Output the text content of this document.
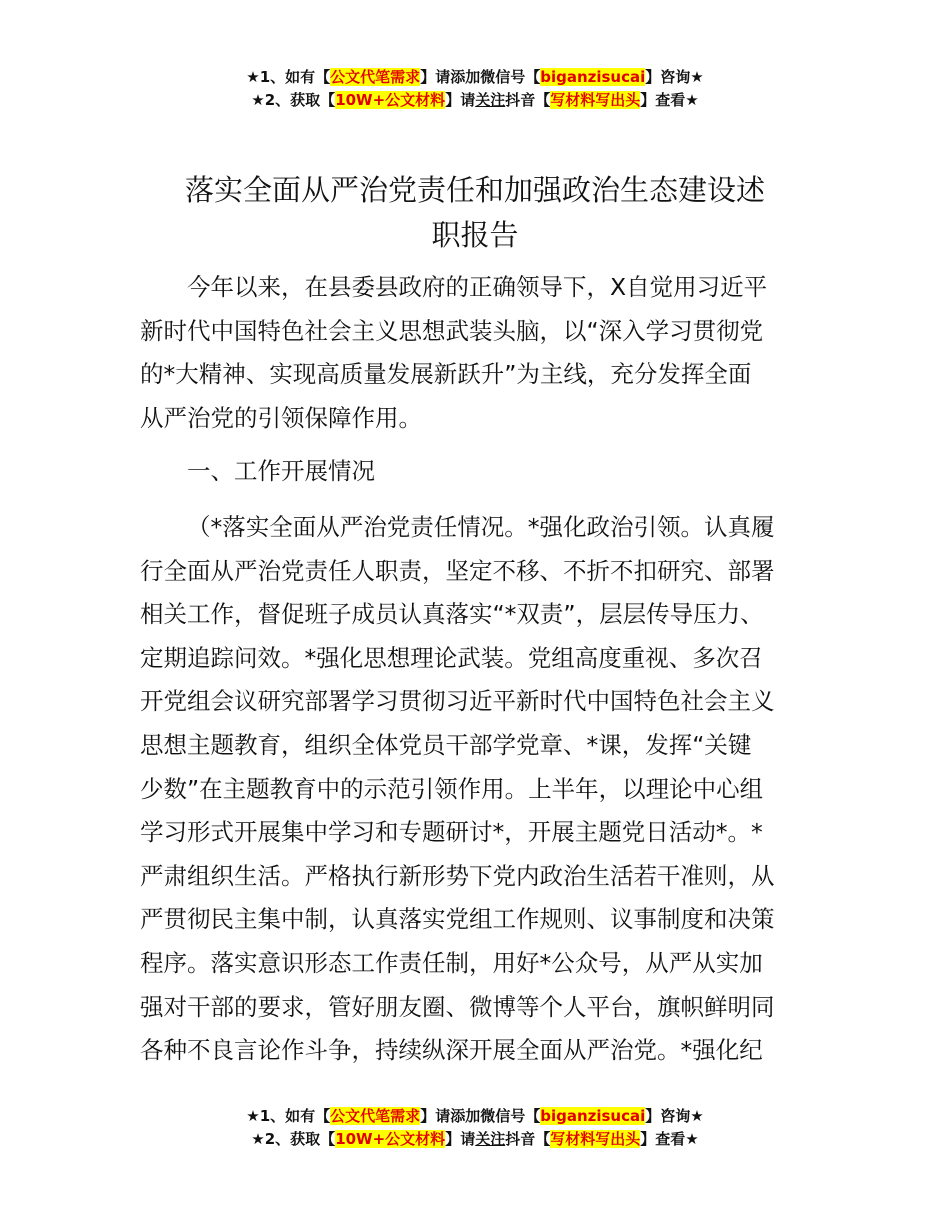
★1、如有【公文代笔需求】请添加微信号【biganzisucai】咨询★
★2、获取【10W+公文材料】请关注抖音【写材料写出头】查看★
落实全面从严治党责任和加强政治生态建设述
职报告

今年以来，在县委县政府的正确领导下，X自觉用习近平
新时代中国特色社会主义思想武装头脑，以“深入学习贯彻党
的*大精神、实现高质量发展新跃升”为主线，充分发挥全面
从严治党的引领保障作用。

一、工作开展情况

（*落实全面从严治党责任情况。*强化政治引领。认真履
行全面从严治党责任人职责，坚定不移、不折不扣研究、部署
相关工作，督促班子成员认真落实“*双责”，层层传导压力、
定期追踪问效。*强化思想理论武装。党组高度重视、多次召
开党组会议研究部署学习贯彻习近平新时代中国特色社会主义
思想主题教育，组织全体党员干部学党章、*课，发挥“关键
少数”在主题教育中的示范引领作用。上半年，以理论中心组
学习形式开展集中学习和专题研讨*，开展主题党日活动*。*
严肃组织生活。严格执行新形势下党内政治生活若干准则，从
严贯彻民主集中制，认真落实党组工作规则、议事制度和决策
程序。落实意识形态工作责任制，用好*公众号，从严从实加
强对干部的要求，管好朋友圈、微博等个人平台，旗帜鲜明同
各种不良言论作斗争，持续纵深开展全面从严治党。*强化纪

★1、如有【公文代笔需求】请添加微信号【biganzisucai】咨询★
★2、获取【10W+公文材料】请关注抖音【写材料写出头】查看★
